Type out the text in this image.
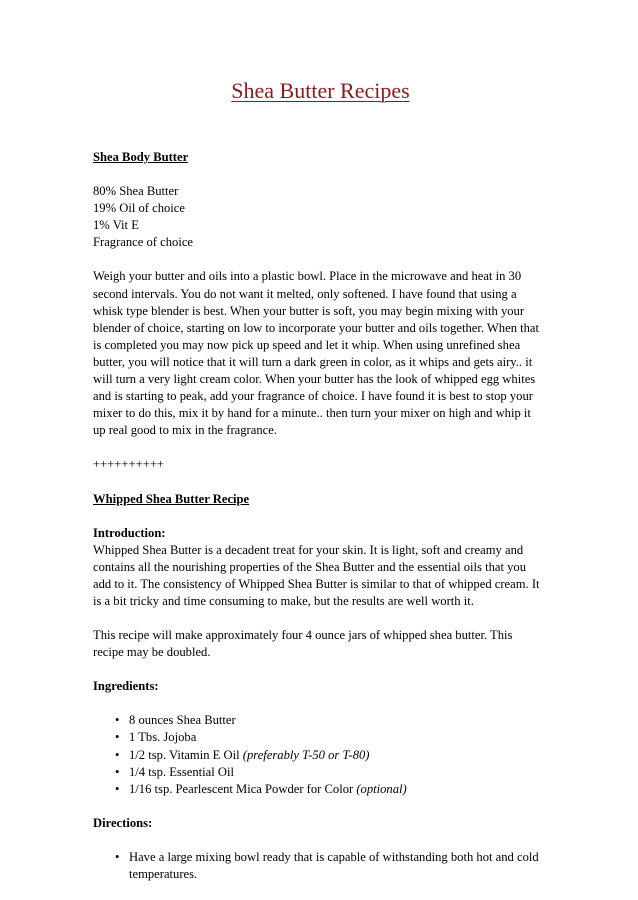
Shea Butter Recipes
Shea Body Butter
80% Shea Butter
19% Oil of choice
1% Vit E
Fragrance of choice
Weigh your butter and oils into a plastic bowl. Place in the microwave and heat in 30
second intervals. You do not want it melted, only softened. I have found that using a
whisk type blender is best. When your butter is soft, you may begin mixing with your
blender of choice, starting on low to incorporate your butter and oils together. When that
is completed you may now pick up speed and let it whip. When using unrefined shea
butter, you will notice that it will turn a dark green in color, as it whips and gets airy.. it
will turn a very light cream color. When your butter has the look of whipped egg whites
and is starting to peak, add your fragrance of choice. I have found it is best to stop your
mixer to do this, mix it by hand for a minute.. then turn your mixer on high and whip it
up real good to mix in the fragrance.
++++++++++
Whipped Shea Butter Recipe
Introduction:
Whipped Shea Butter is a decadent treat for your skin. It is light, soft and creamy and
contains all the nourishing properties of the Shea Butter and the essential oils that you
add to it. The consistency of Whipped Shea Butter is similar to that of whipped cream. It
is a bit tricky and time consuming to make, but the results are well worth it.
This recipe will make approximately four 4 ounce jars of whipped shea butter. This
recipe may be doubled.
Ingredients:
• 8 ounces Shea Butter
• 1 Tbs. Jojoba
• 1/2 tsp. Vitamin E Oil (preferably T-50 or T-80)
• 1/4 tsp. Essential Oil
• 1/16 tsp. Pearlescent Mica Powder for Color (optional)
Directions:
• Have a large mixing bowl ready that is capable of withstanding both hot and cold
temperatures.
